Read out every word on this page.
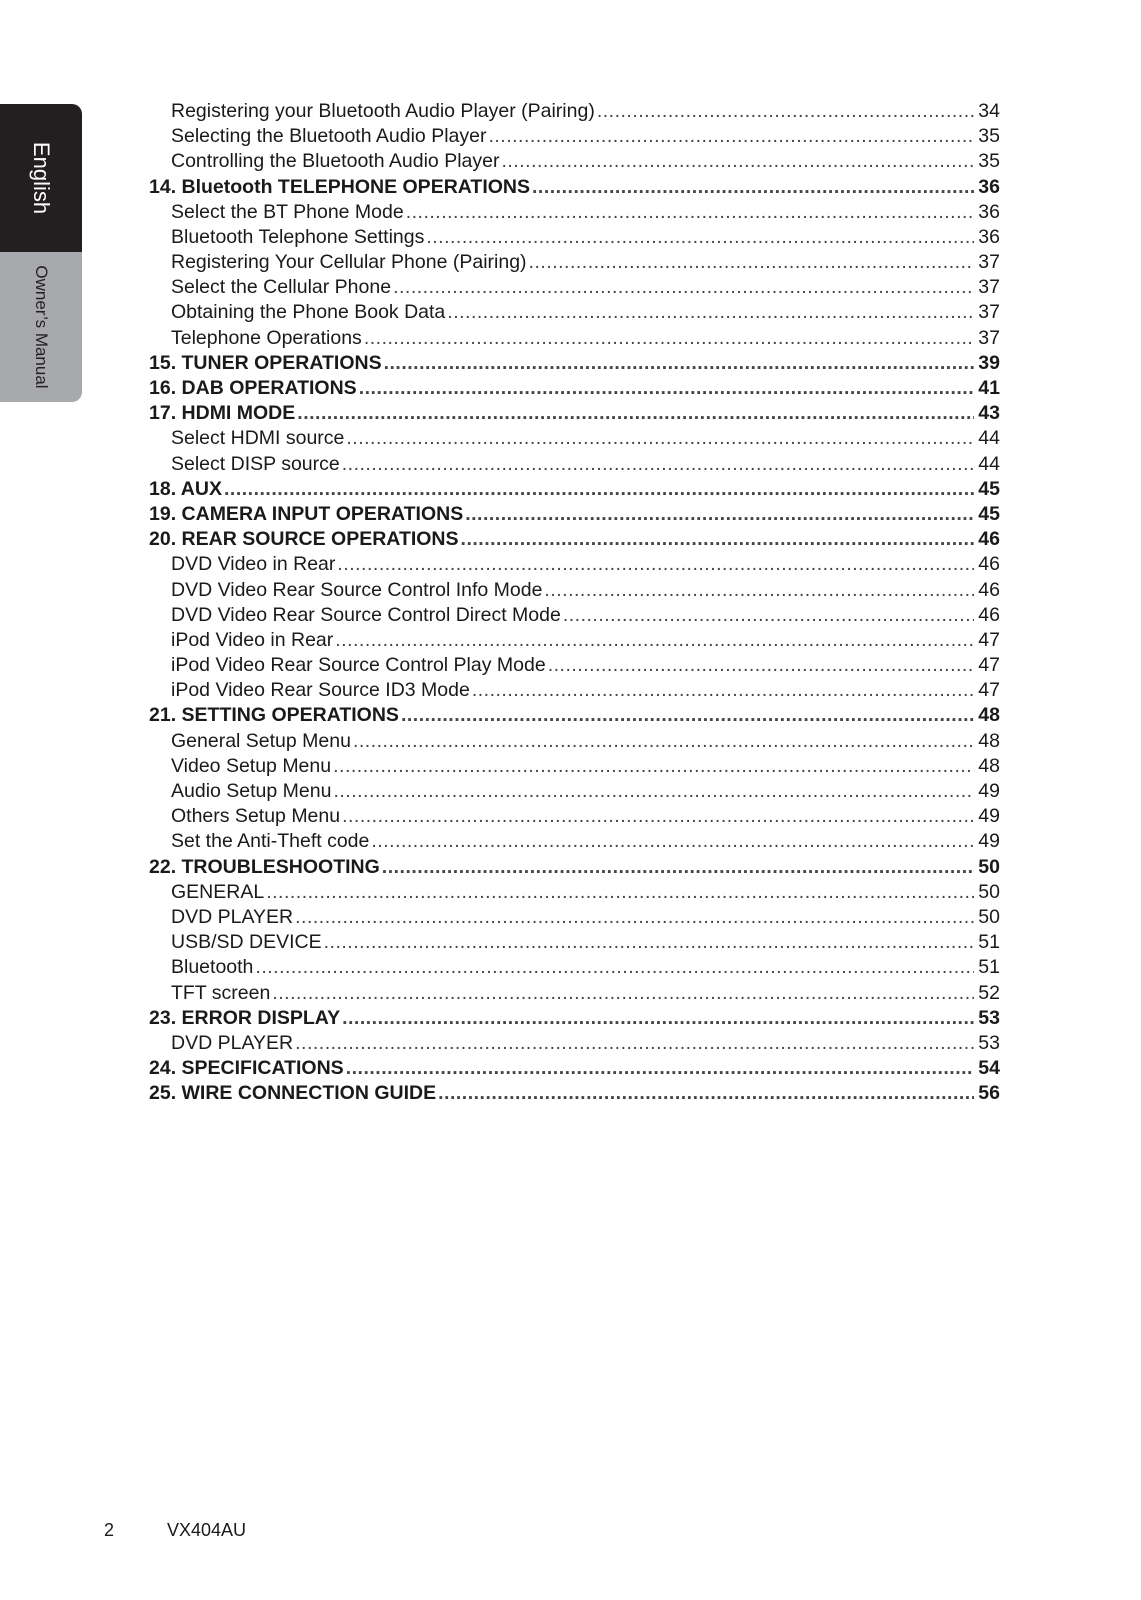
English
Owner’s Manual
Registering your Bluetooth Audio Player (Pairing) .....	34
Selecting the Bluetooth Audio Player .....	35
Controlling the Bluetooth Audio Player .....	35
14. Bluetooth TELEPHONE OPERATIONS .....	36
Select the BT Phone Mode .....	36
Bluetooth Telephone Settings .....	36
Registering Your Cellular Phone (Pairing) .....	37
Select the Cellular Phone .....	37
Obtaining the Phone Book Data .....	37
Telephone Operations .....	37
15. TUNER OPERATIONS .....	39
16. DAB OPERATIONS .....	41
17. HDMI MODE .....	43
Select HDMI source .....	44
Select DISP source .....	44
18. AUX .....	45
19. CAMERA INPUT OPERATIONS .....	45
20. REAR SOURCE OPERATIONS .....	46
DVD Video in Rear .....	46
DVD Video Rear Source Control Info Mode .....	46
DVD Video Rear Source Control Direct Mode .....	46
iPod Video in Rear .....	47
iPod Video Rear Source Control Play Mode .....	47
iPod Video Rear Source ID3 Mode .....	47
21. SETTING OPERATIONS .....	48
General Setup Menu .....	48
Video Setup Menu .....	48
Audio Setup Menu .....	49
Others Setup Menu .....	49
Set the Anti-Theft code .....	49
22. TROUBLESHOOTING .....	50
GENERAL .....	50
DVD PLAYER .....	50
USB/SD DEVICE .....	51
Bluetooth .....	51
TFT screen .....	52
23. ERROR DISPLAY .....	53
DVD PLAYER .....	53
24. SPECIFICATIONS .....	54
25. WIRE CONNECTION GUIDE .....	56
2	VX404AU
